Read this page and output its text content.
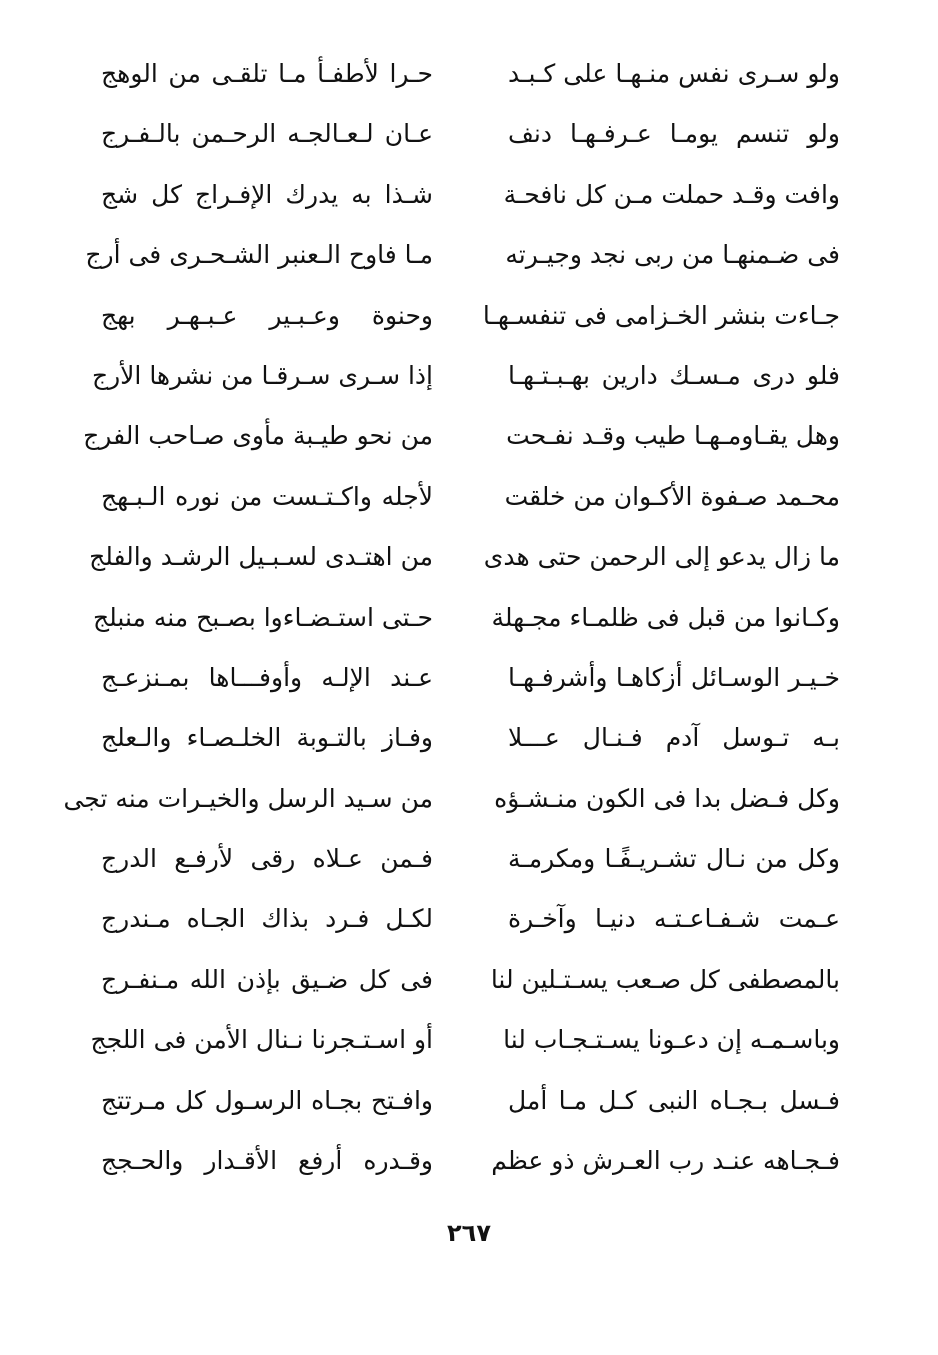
ولو سـرى نفس منـهـا على كـبـد
حـرا لأطفـأ مـا تلقـى من الوهج
ولو تنسم يومـا عـرفـهـا دنف
عـان لـعـالجـه الرحـمن بالـفـرج
وافت وقـد حملت مـن كل نافحـة
شـذا به يدرك الإفـراج كل شج
فى ضـمنهـا من ربى نجد وجيـرته
مـا فاوح الـعنبر الشـحـرى فى أرج
جـاءت بنشر الخـزامى فى تنفسـهـا
وحنوة وعـبـير عـبـهـر بهج
فلو درى مـسـك دارين بهـبـتـهـا
إذا سـرى سـرقـا من نشرها الأرج
وهل يقـاومـهـا طيب وقـد نفـحت
من نحو طيـبة مأوى صـاحب الفرج
محـمد صـفوة الأكـوان من خلقت
لأجله واكـتـست من نوره الـبـهج
ما زال يدعو إلى الرحمن حتى هدى
من اهتـدى لسـبـيل الرشـد والفلج
وكـانوا من قبل فى ظلمـاء مجـهلة
حـتى استـضـاءوا بصـبح منه منبلج
خـيـر الوسـائل أزكاهـا وأشرفـهـا
عـند الإلـه وأوفـــاها بمـنزعـج
بـه تـوسل آدم فـنـال عـــلا
وفـاز بالتـوبة الخلـصـاء والـعلج
وكل فـضل بدا فى الكون منـشـؤه
من سـيد الرسل والخيـرات منه تجى
وكل من نـال تشـريـفًـا ومكرمـة
فـمن عـلاه رقى لأرفـع الدرج
عـمت شـفـاعـتـه دنيـا وآخـرة
لكـل فـرد بذاك الجـاه مـندرج
بالمصطفى كل صـعب يسـتـلين لنا
فى كل ضـيق بإذن الله مـنفـرج
وباسـمـه إن دعـونا يسـتـجـاب لنا
أو اسـتـجرنا نـنال الأمن فى اللجج
فـسل بـجـاه النبى كـل مـا أمل
وافـتح بجـاه الرسـول كل مـرتتج
فـجـاهه عنـد رب العـرش ذو عظم
وقـدره أرفع الأقـدار والحـجج
٢٦٧
